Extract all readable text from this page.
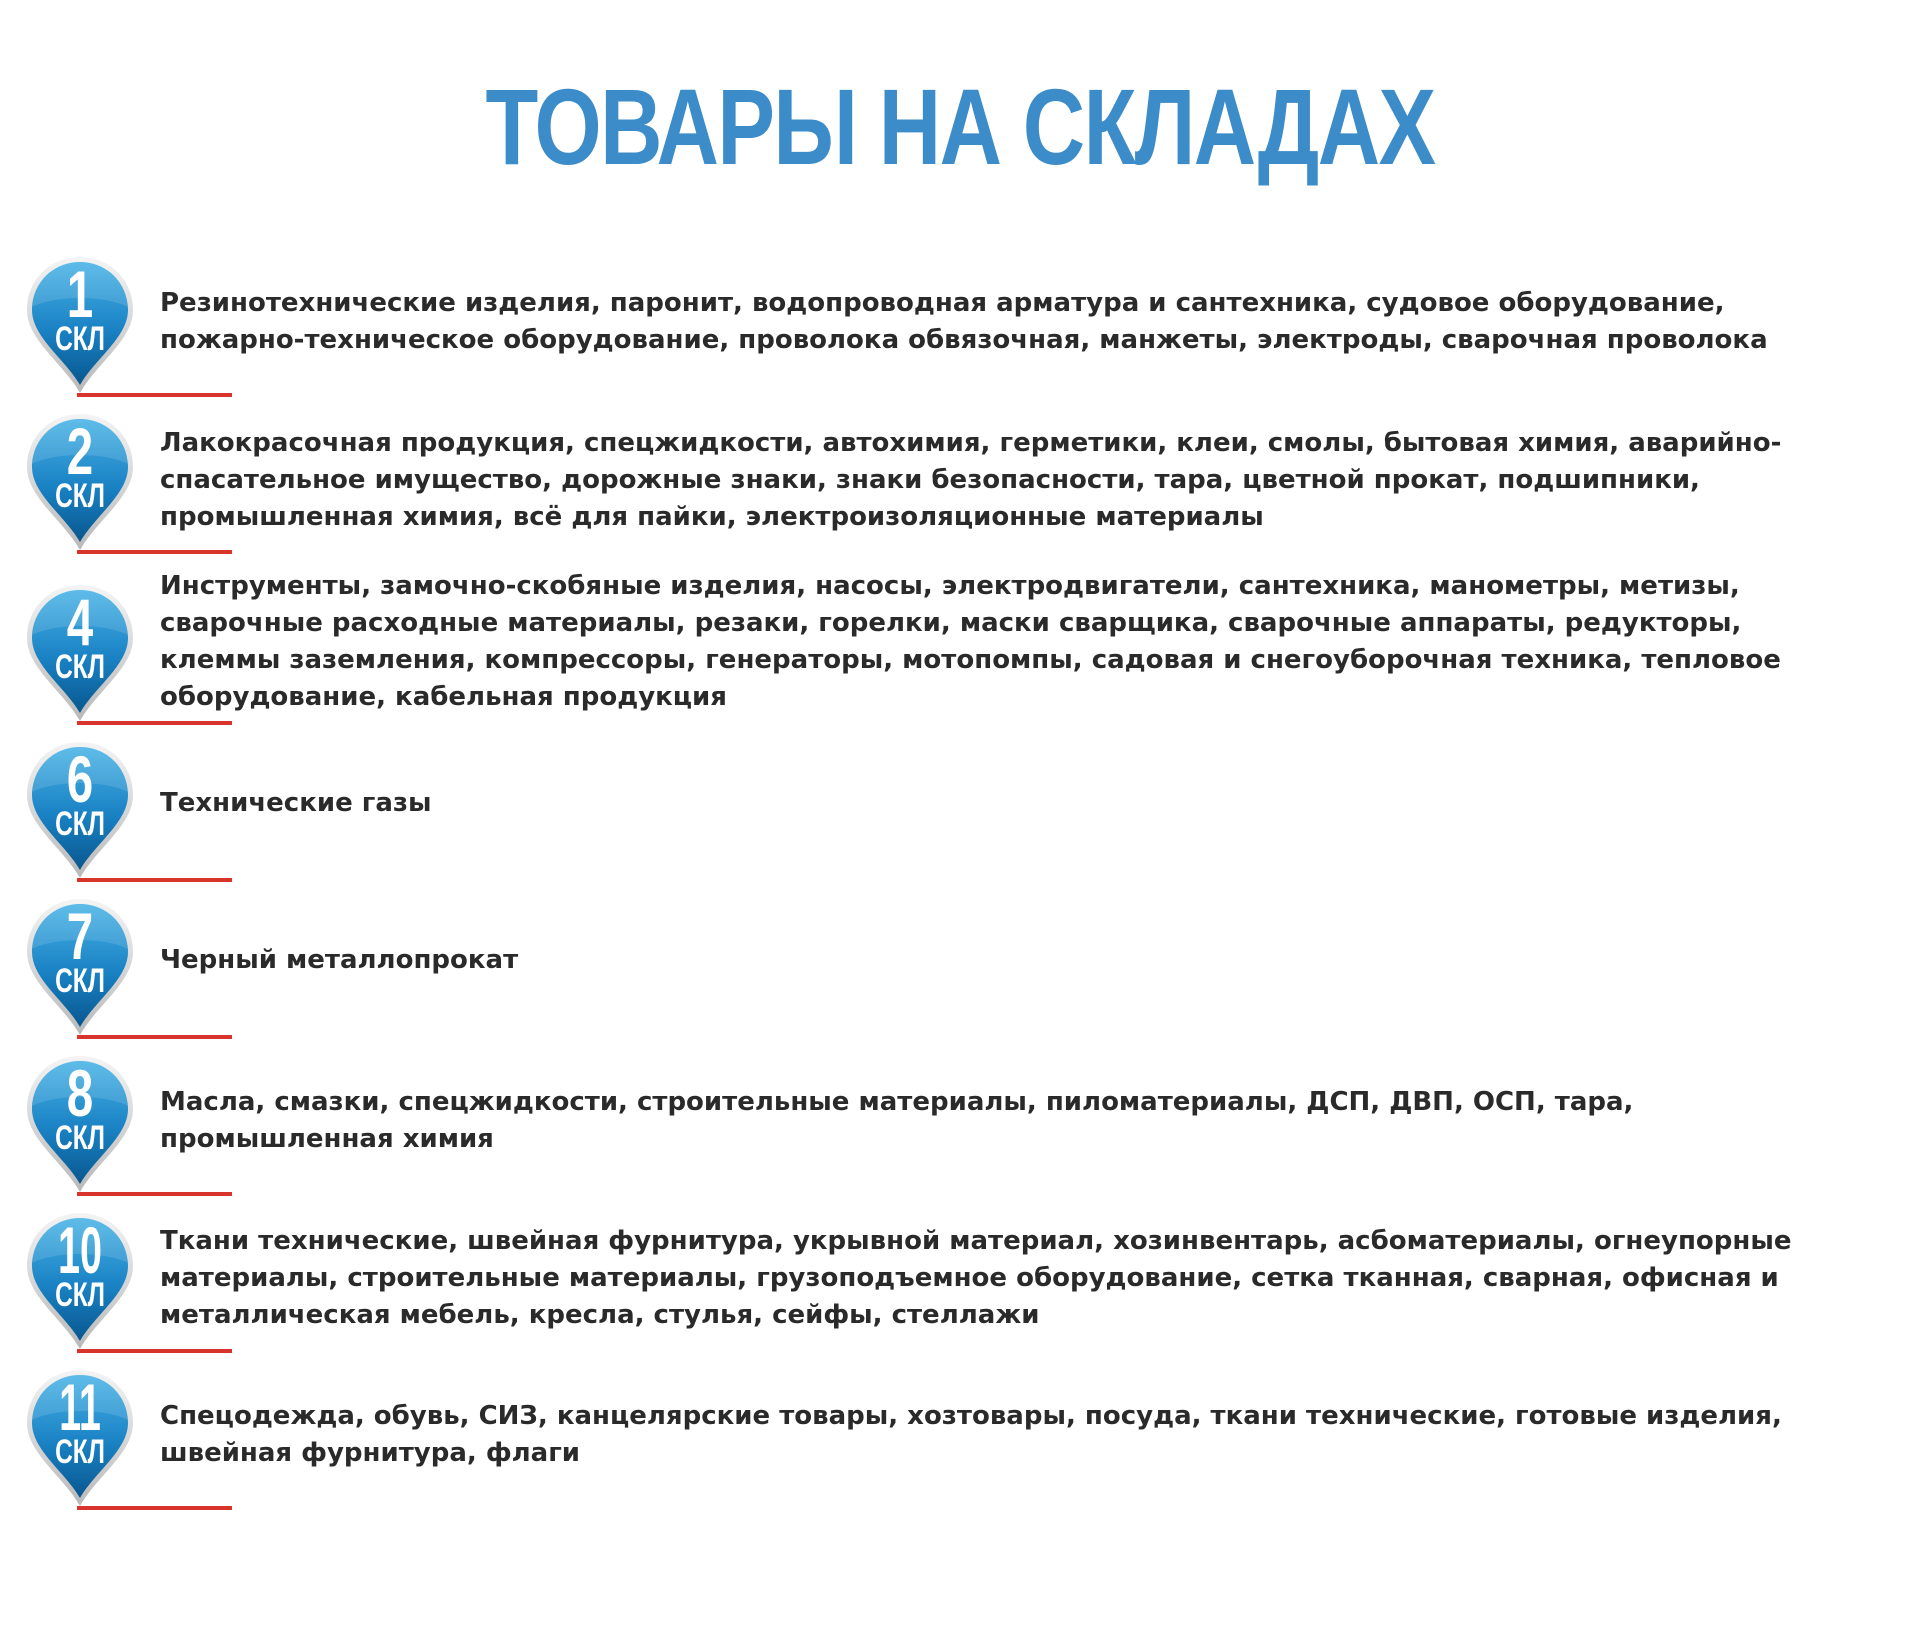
ТОВАРЫ НА СКЛАДАХ
1
СКЛ

Резинотехнические изделия, паронит, водопроводная арматура и сантехника, судовое оборудование,
пожарно-техническое оборудование, проволока обвязочная, манжеты, электроды, сварочная проволока

2
СКЛ

Лакокрасочная продукция, спецжидкости, автохимия, герметики, клеи, смолы, бытовая химия, аварийно-
спасательное имущество, дорожные знаки, знаки безопасности, тара, цветной прокат, подшипники,
промышленная химия, всё для пайки, электроизоляционные материалы

4
СКЛ

Инструменты, замочно-скобяные изделия, насосы, электродвигатели, сантехника, манометры, метизы,
сварочные расходные материалы, резаки, горелки, маски сварщика, сварочные аппараты, редукторы,
клеммы заземления, компрессоры, генераторы, мотопомпы, садовая и снегоуборочная техника, тепловое
оборудование, кабельная продукция

6
СКЛ

Технические газы

7
СКЛ

Черный металлопрокат

8
СКЛ

Масла, смазки, спецжидкости, строительные материалы, пиломатериалы, ДСП, ДВП, ОСП, тара,
промышленная химия

10
СКЛ

Ткани технические, швейная фурнитура, укрывной материал, хозинвентарь, асбоматериалы, огнеупорные
материалы, строительные материалы, грузоподъемное оборудование, сетка тканная, сварная, офисная и
металлическая мебель, кресла, стулья, сейфы, стеллажи

11
СКЛ

Спецодежда, обувь, СИЗ, канцелярские товары, хозтовары, посуда, ткани технические, готовые изделия,
швейная фурнитура, флаги
